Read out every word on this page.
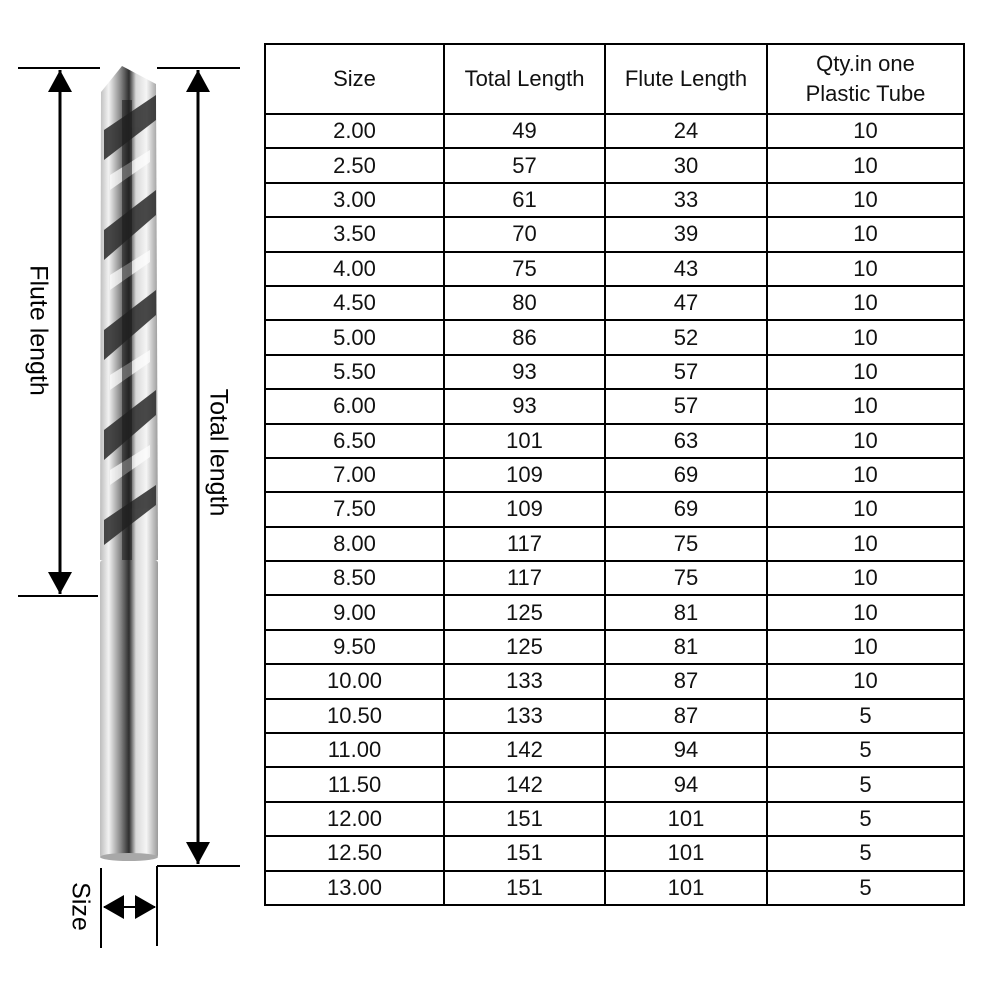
Flute length
Total length
Size
Size	Total Length	Flute Length	Qty.in one
Plastic Tube
2.00	49	24	10
2.50	57	30	10
3.00	61	33	10
3.50	70	39	10
4.00	75	43	10
4.50	80	47	10
5.00	86	52	10
5.50	93	57	10
6.00	93	57	10
6.50	101	63	10
7.00	109	69	10
7.50	109	69	10
8.00	117	75	10
8.50	117	75	10
9.00	125	81	10
9.50	125	81	10
10.00	133	87	10
10.50	133	87	5
11.00	142	94	5
11.50	142	94	5
12.00	151	101	5
12.50	151	101	5
13.00	151	101	5
